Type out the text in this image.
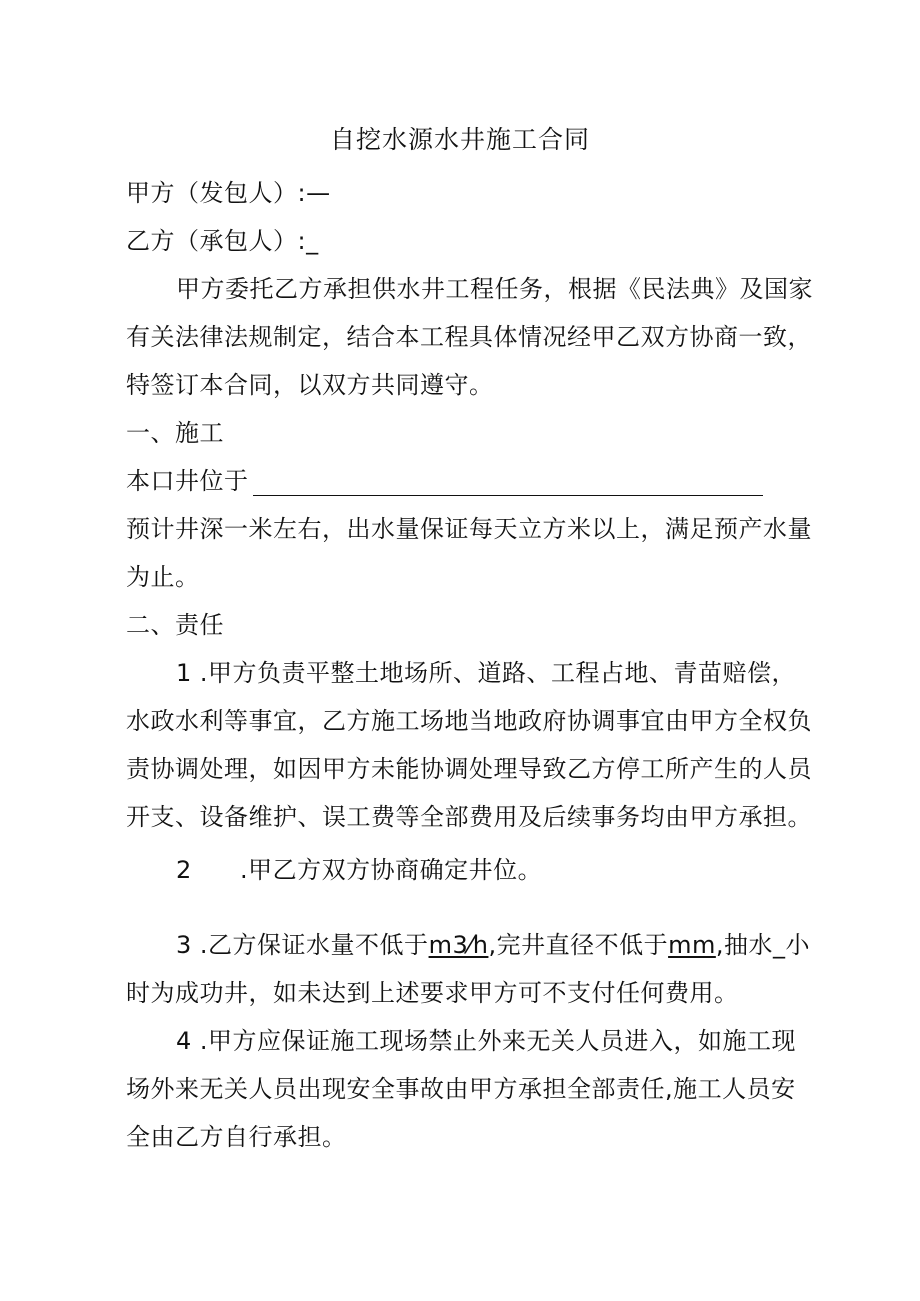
自挖水源水井施工合同
甲方（发包人）:—
乙方（承包人）:_
甲方委托乙方承担供水井工程任务，根据《民法典》及国家
有关法律法规制定，结合本工程具体情况经甲乙双方协商一致，
特签订本合同，以双方共同遵守。
一、施工
本口井位于
预计井深一米左右，出水量保证每天立方米以上，满足预产水量
为止。
二、责任
1 .甲方负责平整土地场所、道路、工程占地、青苗赔偿，
水政水利等事宜，乙方施工场地当地政府协调事宜由甲方全权负
责协调处理，如因甲方未能协调处理导致乙方停工所产生的人员
开支、设备维护、误工费等全部费用及后续事务均由甲方承担。
2 .甲乙方双方协商确定井位。
3 .乙方保证水量不低于m3⁄h,完井直径不低于mm,抽水_小
时为成功井，如未达到上述要求甲方可不支付任何费用。
4 .甲方应保证施工现场禁止外来无关人员进入，如施工现
场外来无关人员出现安全事故由甲方承担全部责任,施工人员安
全由乙方自行承担。
